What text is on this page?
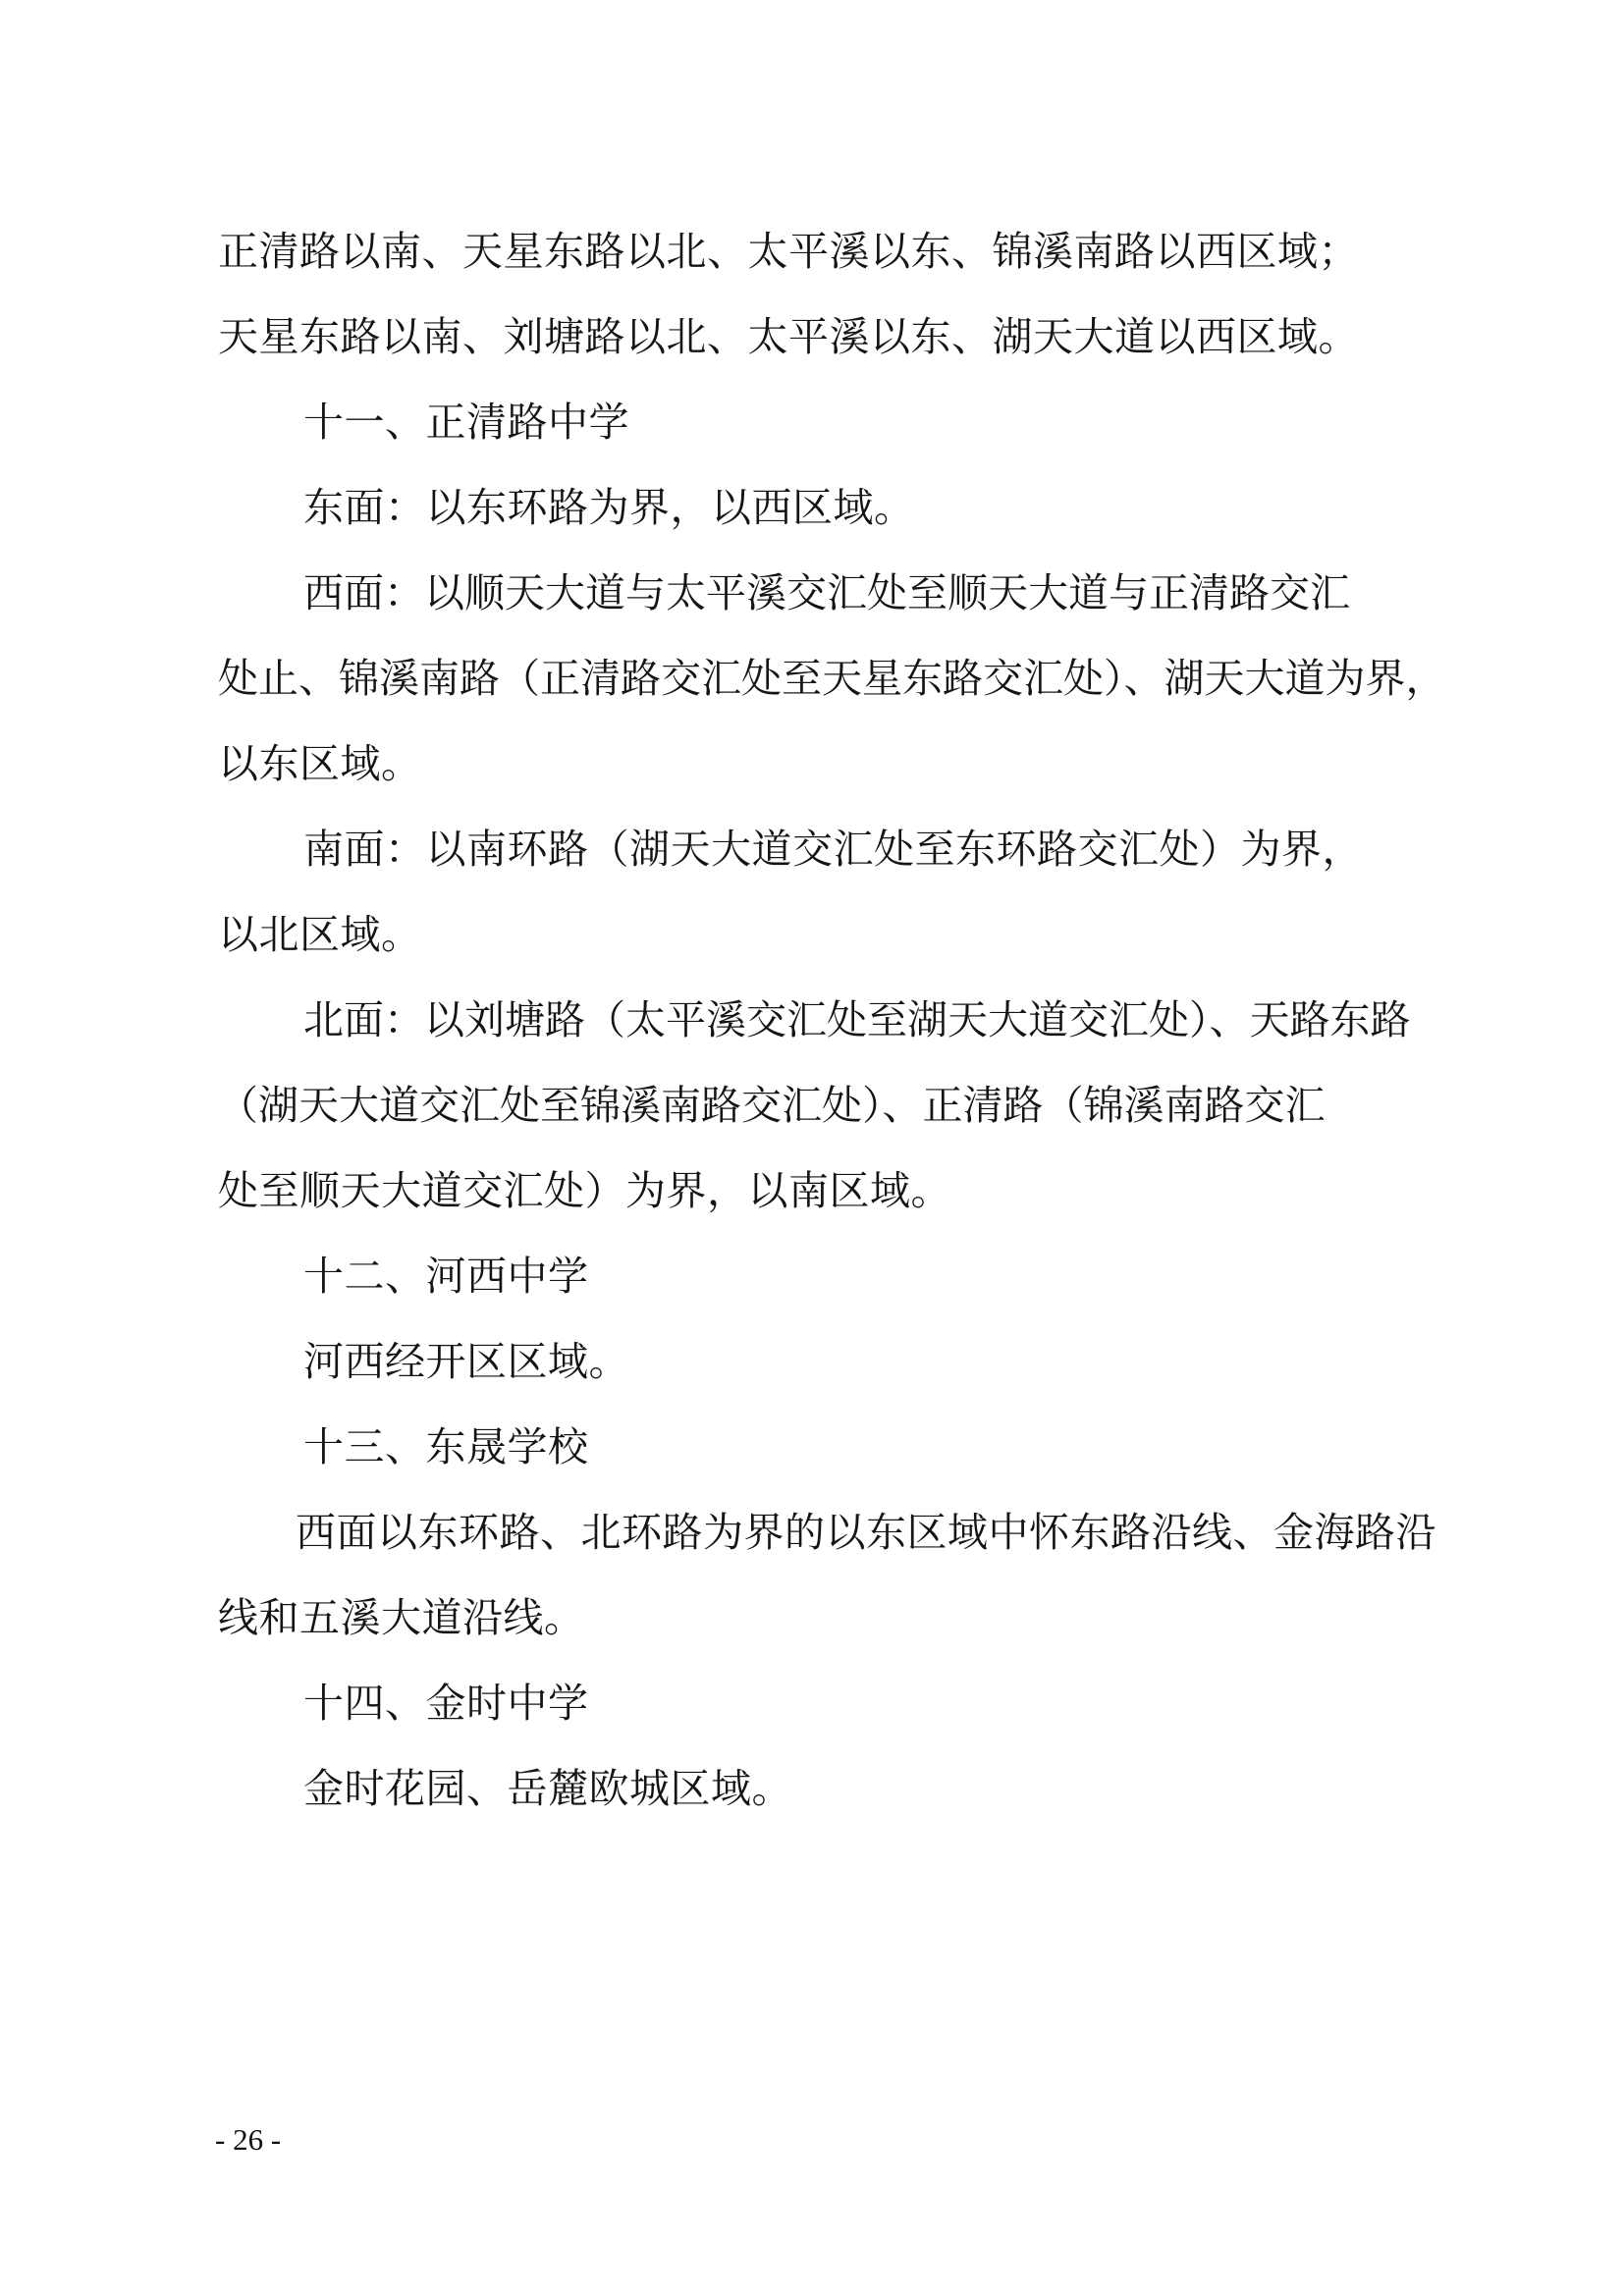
正清路以南、天星东路以北、太平溪以东、锦溪南路以西区域；
天星东路以南、刘塘路以北、太平溪以东、湖天大道以西区域。
十一、正清路中学
东面：以东环路为界，以西区域。
西面：以顺天大道与太平溪交汇处至顺天大道与正清路交汇
处止、锦溪南路（正清路交汇处至天星东路交汇处）、湖天大道为界，
以东区域。
南面：以南环路（湖天大道交汇处至东环路交汇处）为界，
以北区域。
北面：以刘塘路（太平溪交汇处至湖天大道交汇处）、天路东路
（湖天大道交汇处至锦溪南路交汇处）、正清路（锦溪南路交汇
处至顺天大道交汇处）为界，以南区域。
十二、河西中学
河西经开区区域。
十三、东晟学校
西面以东环路、北环路为界的以东区域中怀东路沿线、金海路沿
线和五溪大道沿线。
十四、金时中学
金时花园、岳麓欧城区域。
- 26 -
